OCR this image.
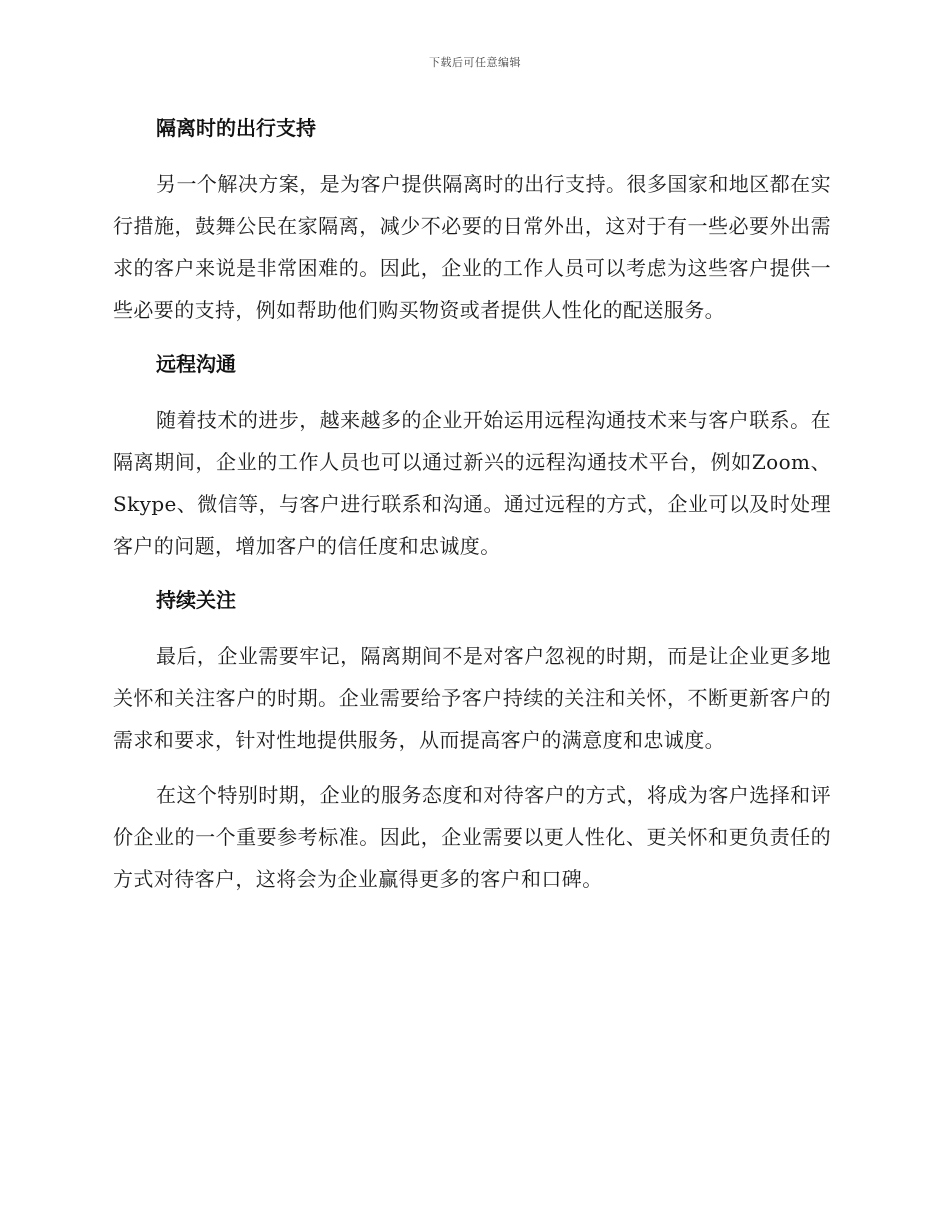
下载后可任意编辑
隔离时的出行支持

另一个解决方案，是为客户提供隔离时的出行支持。很多国家和地区都在实行措施，鼓舞公民在家隔离，减少不必要的日常外出，这对于有一些必要外出需求的客户来说是非常困难的。因此，企业的工作人员可以考虑为这些客户提供一些必要的支持，例如帮助他们购买物资或者提供人性化的配送服务。

远程沟通

随着技术的进步，越来越多的企业开始运用远程沟通技术来与客户联系。在隔离期间，企业的工作人员也可以通过新兴的远程沟通技术平台，例如Zoom、Skype、微信等，与客户进行联系和沟通。通过远程的方式，企业可以及时处理客户的问题，增加客户的信任度和忠诚度。

持续关注

最后，企业需要牢记，隔离期间不是对客户忽视的时期，而是让企业更多地关怀和关注客户的时期。企业需要给予客户持续的关注和关怀，不断更新客户的需求和要求，针对性地提供服务，从而提高客户的满意度和忠诚度。

在这个特别时期，企业的服务态度和对待客户的方式，将成为客户选择和评价企业的一个重要参考标准。因此，企业需要以更人性化、更关怀和更负责任的方式对待客户，这将会为企业赢得更多的客户和口碑。
